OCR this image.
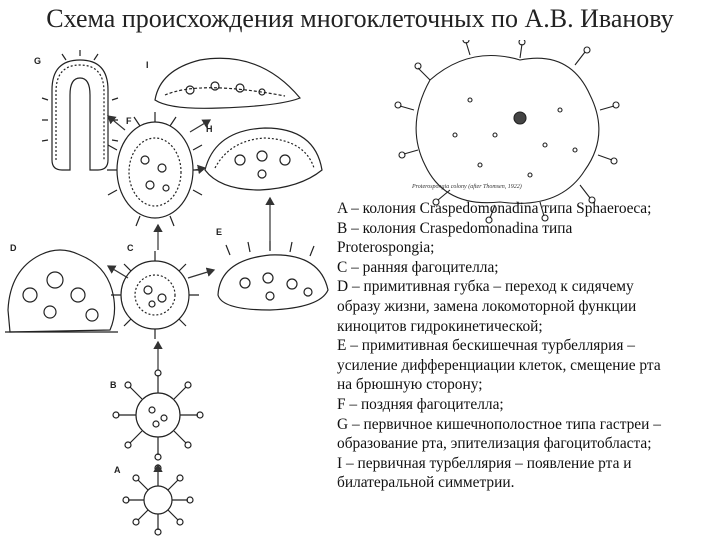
Схема происхождения многоклеточных по А.В. Иванову
G	I
F
H
D	C
E
B
A
Proterospongia colony (after Thomsen, 1922)
A – колония Craspedomonadina типа Sphaeroeca;
B – колония Craspedomonadina типа
Proterospongia;
C – ранняя фагоцителла;
D – примитивная губка – переход к сидячему
образу жизни, замена локомоторной функции
киноцитов гидрокинетической;
E – примитивная бескишечная турбеллярия –
усиление дифференциации клеток, смещение рта
на брюшную сторону;
F – поздняя фагоцителла;
G – первичное кишечнополостное типа гастреи –
образование рта, эпителизация фагоцитобласта;
I – первичная турбеллярия – появление рта и
билатеральной симметрии.
